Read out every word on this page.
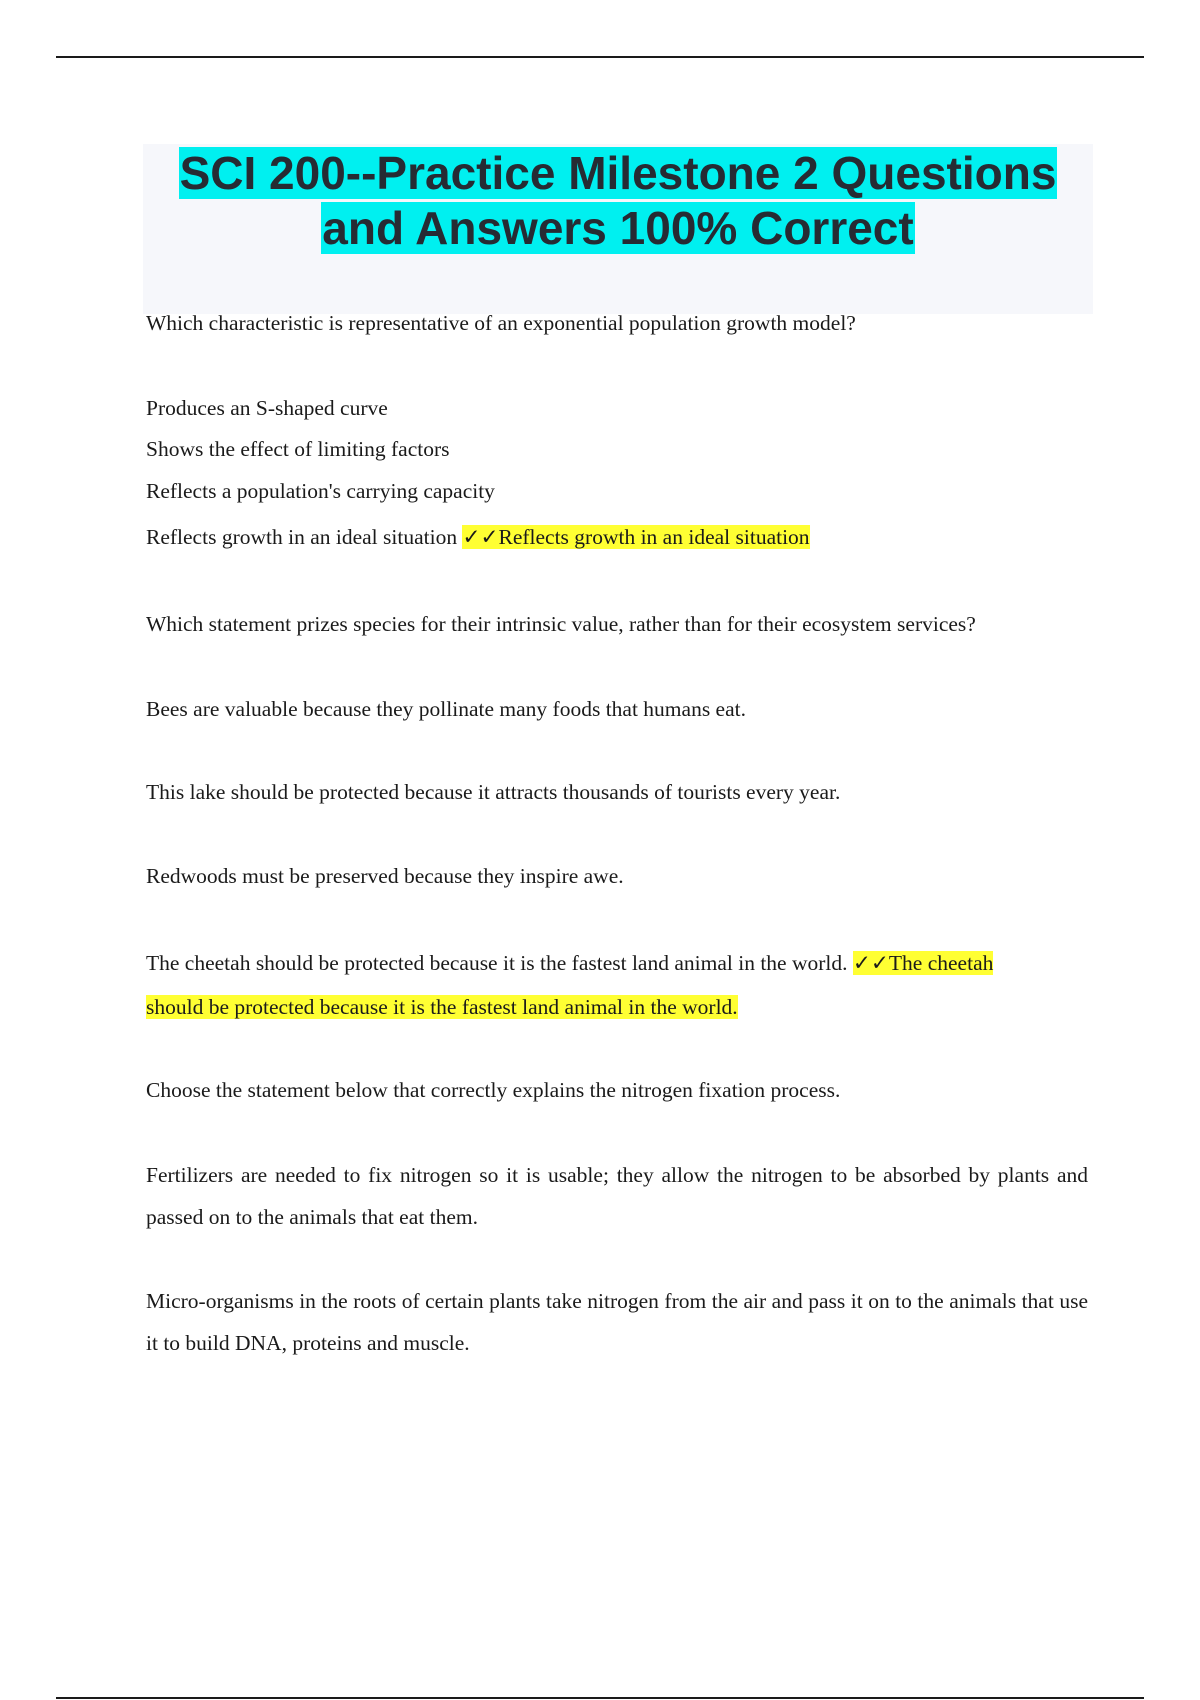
SCI 200--Practice Milestone 2 Questions
and Answers 100% Correct
Which characteristic is representative of an exponential population growth model?
Produces an S-shaped curve
Shows the effect of limiting factors
Reflects a population's carrying capacity
Reflects growth in an ideal situation ✓✓Reflects growth in an ideal situation
Which statement prizes species for their intrinsic value, rather than for their ecosystem services?
Bees are valuable because they pollinate many foods that humans eat.
This lake should be protected because it attracts thousands of tourists every year.
Redwoods must be preserved because they inspire awe.
The cheetah should be protected because it is the fastest land animal in the world. ✓✓The cheetah
should be protected because it is the fastest land animal in the world.
Choose the statement below that correctly explains the nitrogen fixation process.
Fertilizers are needed to fix nitrogen so it is usable; they allow the nitrogen to be absorbed by plants and passed on to the animals that eat them.
Micro-organisms in the roots of certain plants take nitrogen from the air and pass it on to the animals that use it to build DNA, proteins and muscle.
